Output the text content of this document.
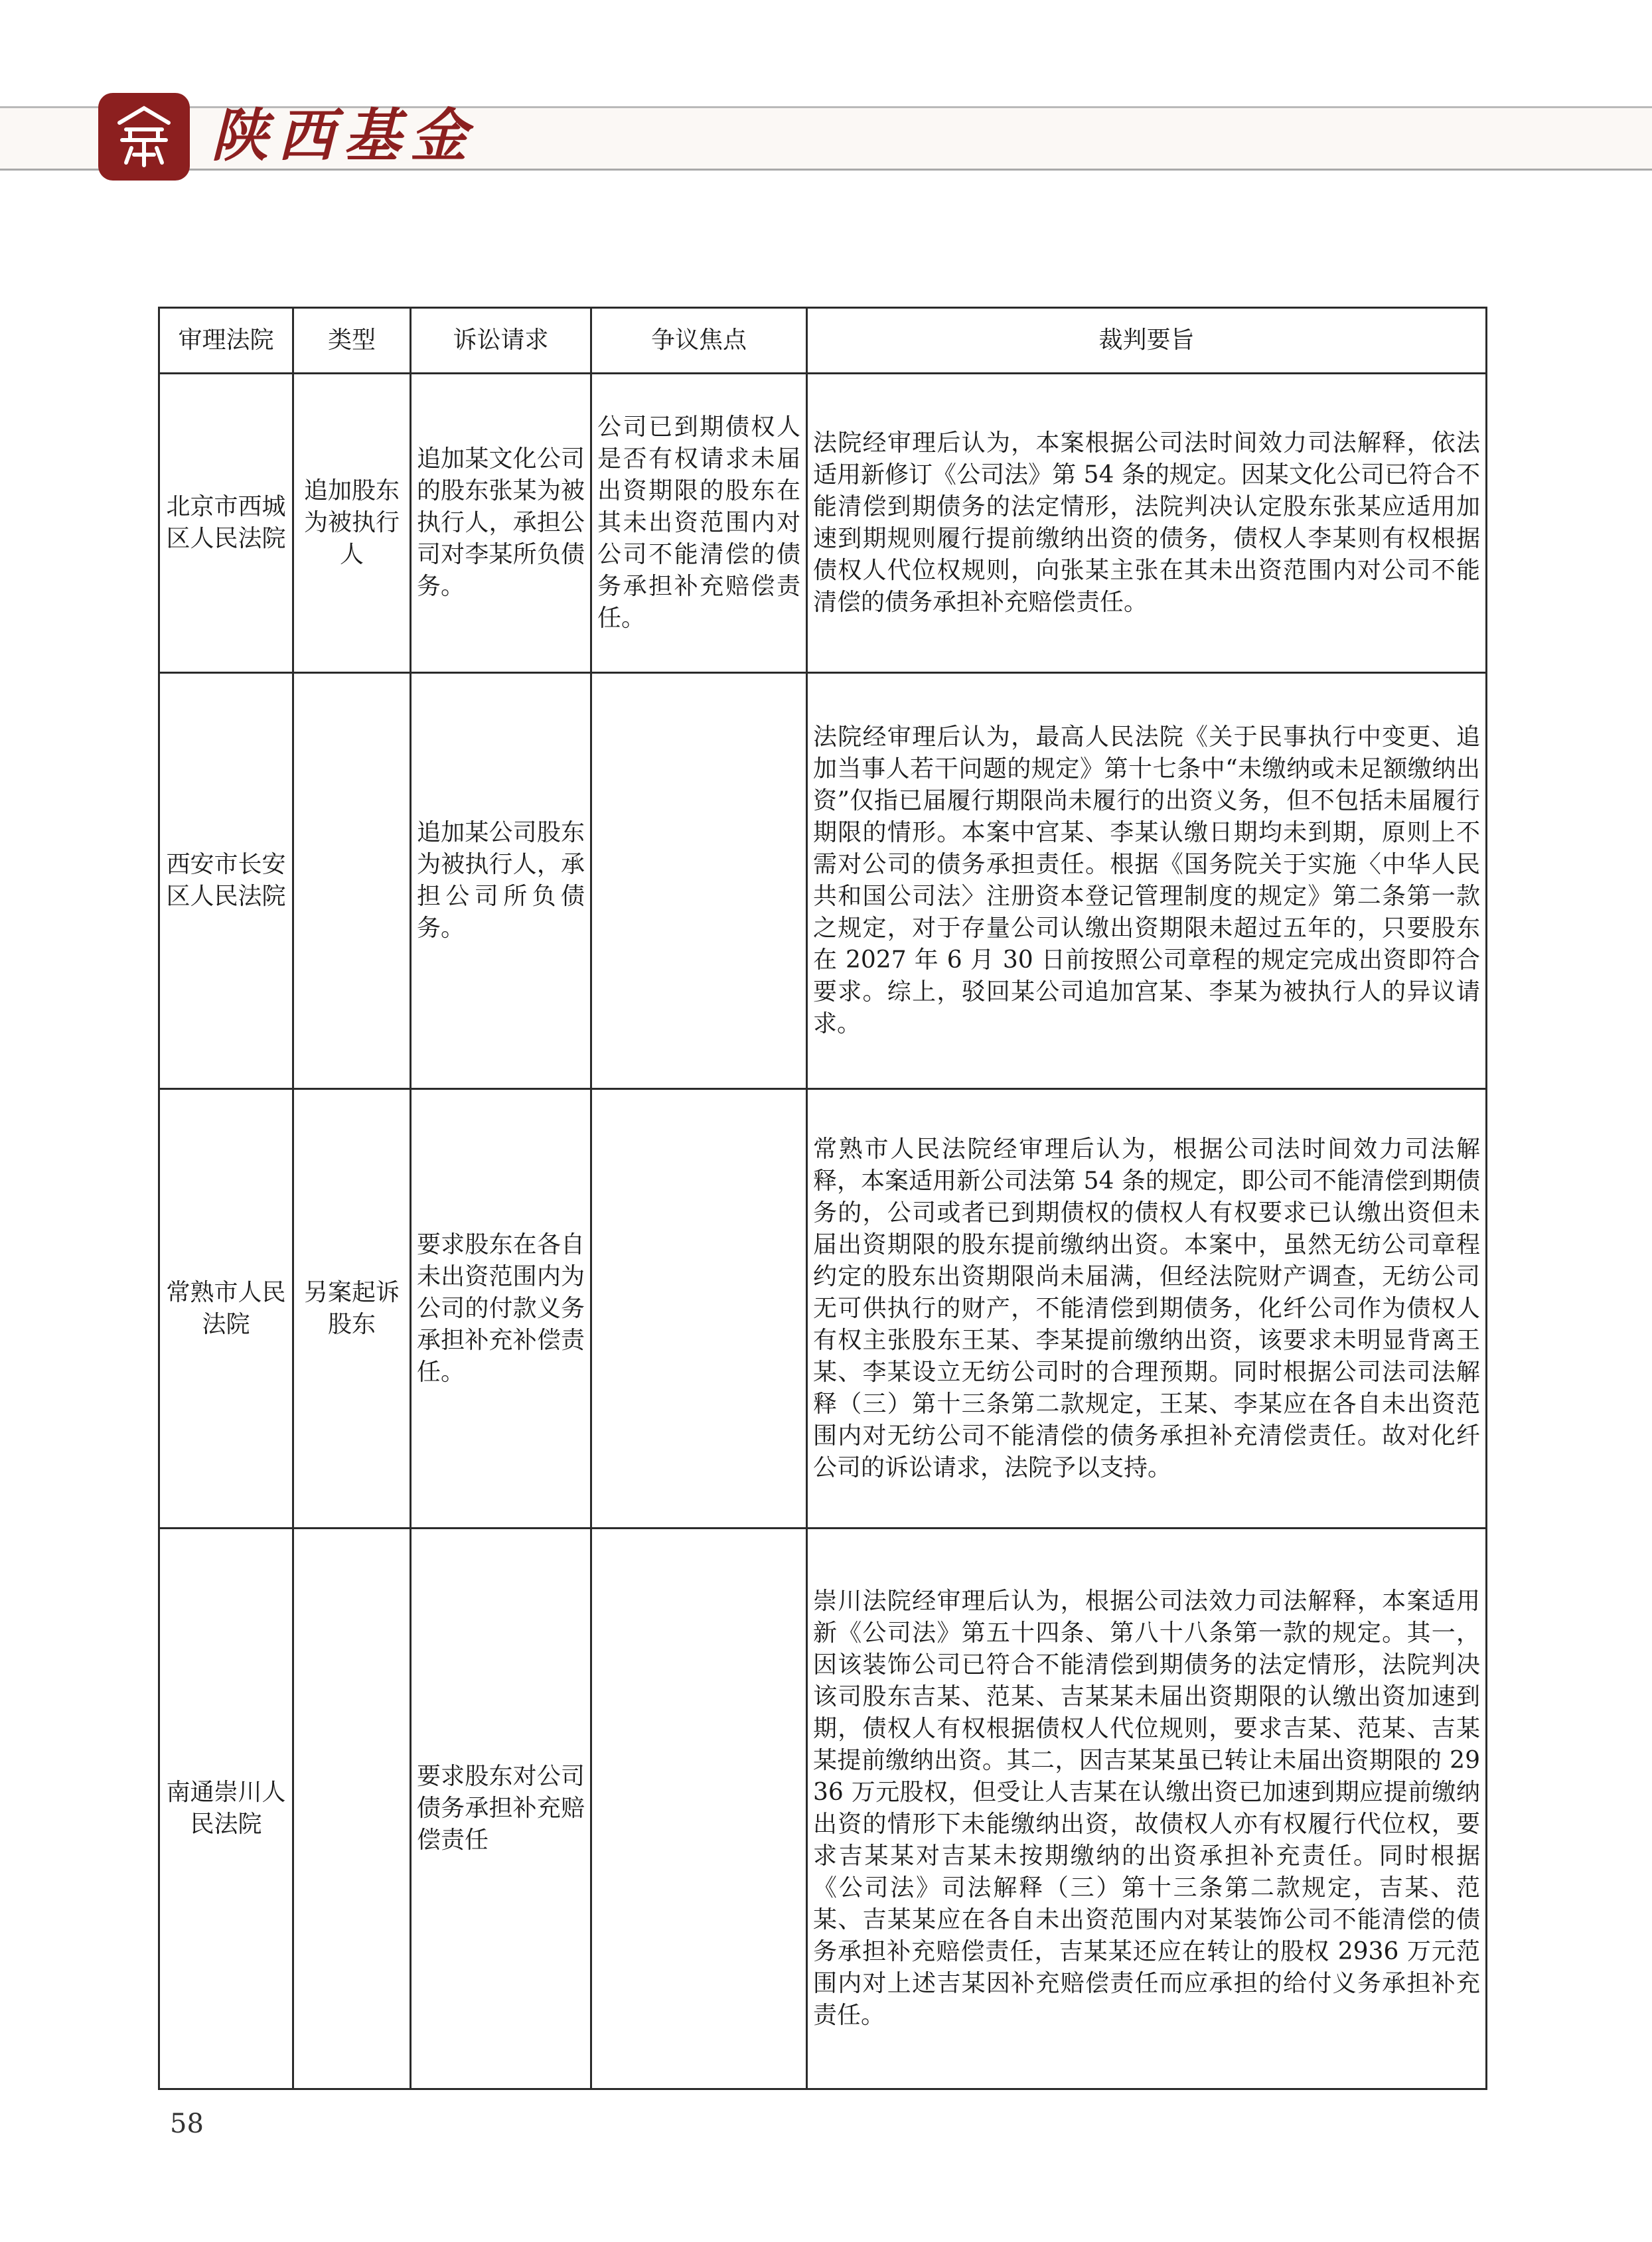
陕西基金
审理法院	类型	诉讼请求	争议焦点	裁判要旨
北京市西城区人民法院	追加股东为被执行人	追加某文化公司的股东张某为被执行人，承担公司对李某所负债务。	公司已到期债权人是否有权请求未届出资期限的股东在其未出资范围内对公司不能清偿的债务承担补充赔偿责任。	法院经审理后认为，本案根据公司法时间效力司法解释，依法适用新修订《公司法》第 54 条的规定。因某文化公司已符合不能清偿到期债务的法定情形，法院判决认定股东张某应适用加速到期规则履行提前缴纳出资的债务，债权人李某则有权根据债权人代位权规则，向张某主张在其未出资范围内对公司不能清偿的债务承担补充赔偿责任。
西安市长安区人民法院		追加某公司股东为被执行人，承担公司所负债务。		法院经审理后认为，最高人民法院《关于民事执行中变更、追加当事人若干问题的规定》第十七条中“未缴纳或未足额缴纳出资”仅指已届履行期限尚未履行的出资义务，但不包括未届履行期限的情形。本案中宫某、李某认缴日期均未到期，原则上不需对公司的债务承担责任。根据《国务院关于实施〈中华人民共和国公司法〉注册资本登记管理制度的规定》第二条第一款之规定，对于存量公司认缴出资期限未超过五年的，只要股东在 2027 年 6 月 30 日前按照公司章程的规定完成出资即符合要求。综上，驳回某公司追加宫某、李某为被执行人的异议请求。
常熟市人民法院	另案起诉股东	要求股东在各自未出资范围内为公司的付款义务承担补充补偿责任。		常熟市人民法院经审理后认为，根据公司法时间效力司法解释，本案适用新公司法第 54 条的规定，即公司不能清偿到期债务的，公司或者已到期债权的债权人有权要求已认缴出资但未届出资期限的股东提前缴纳出资。本案中，虽然无纺公司章程约定的股东出资期限尚未届满，但经法院财产调查，无纺公司无可供执行的财产，不能清偿到期债务，化纤公司作为债权人有权主张股东王某、李某提前缴纳出资，该要求未明显背离王某、李某设立无纺公司时的合理预期。同时根据公司法司法解释（三）第十三条第二款规定，王某、李某应在各自未出资范围内对无纺公司不能清偿的债务承担补充清偿责任。故对化纤公司的诉讼请求，法院予以支持。
南通崇川人民法院		要求股东对公司债务承担补充赔偿责任		崇川法院经审理后认为，根据公司法效力司法解释，本案适用新《公司法》第五十四条、第八十八条第一款的规定。其一，因该装饰公司已符合不能清偿到期债务的法定情形，法院判决该司股东吉某、范某、吉某某未届出资期限的认缴出资加速到期，债权人有权根据债权人代位规则，要求吉某、范某、吉某某提前缴纳出资。其二，因吉某某虽已转让未届出资期限的 2936 万元股权，但受让人吉某在认缴出资已加速到期应提前缴纳出资的情形下未能缴纳出资，故债权人亦有权履行代位权，要求吉某某对吉某未按期缴纳的出资承担补充责任。同时根据《公司法》司法解释（三）第十三条第二款规定，吉某、范某、吉某某应在各自未出资范围内对某装饰公司不能清偿的债务承担补充赔偿责任，吉某某还应在转让的股权 2936 万元范围内对上述吉某因补充赔偿责任而应承担的给付义务承担补充责任。
58
